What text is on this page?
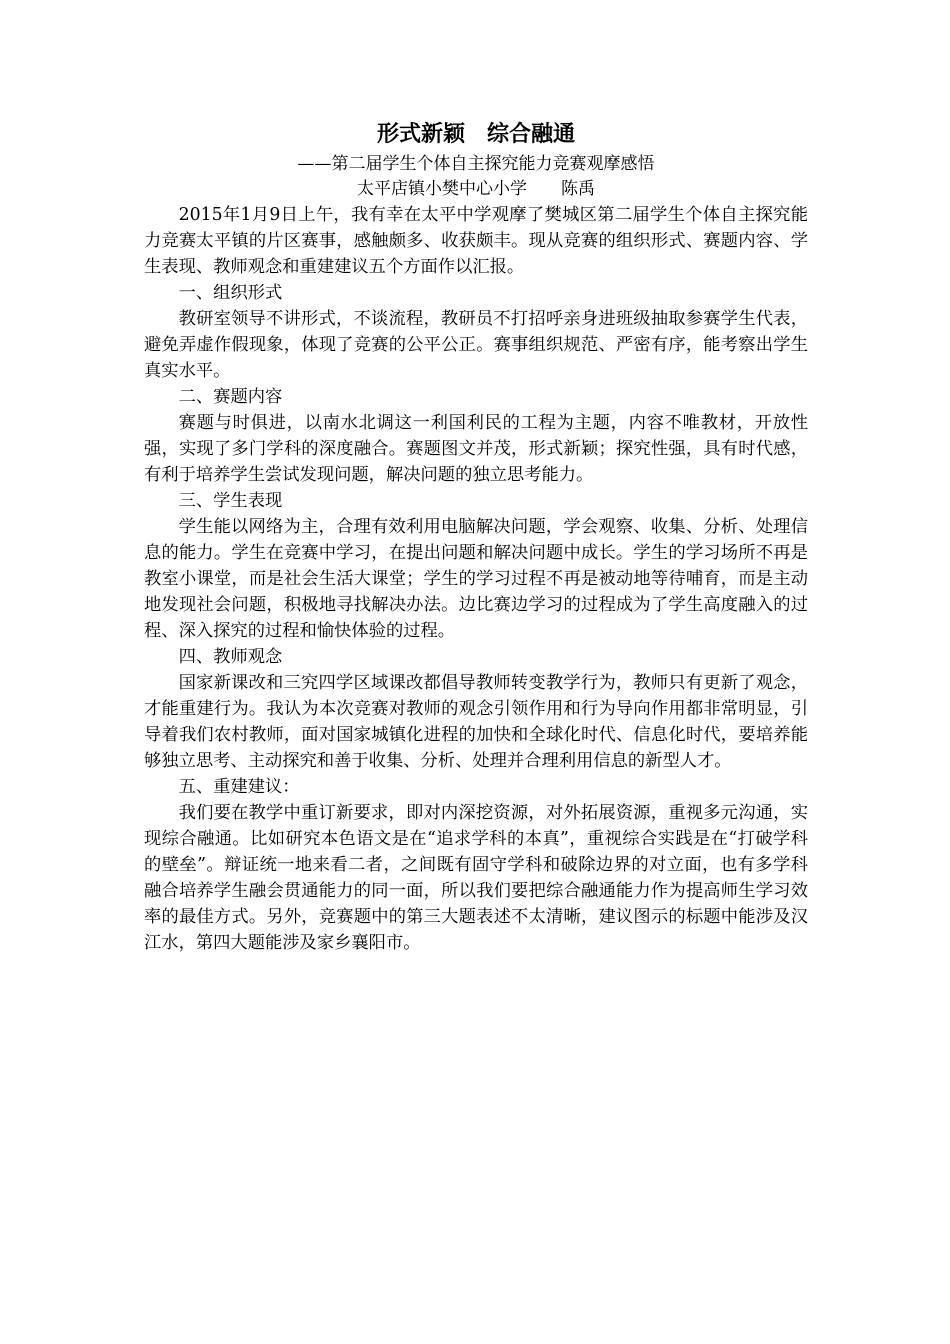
形式新颖 综合融通

——第二届学生个体自主探究能力竞赛观摩感悟

太平店镇小樊中心小学 陈禹

2015年1月9日上午，我有幸在太平中学观摩了樊城区第二届学生个体自主探究能力竞赛太平镇的片区赛事，感触颇多、收获颇丰。现从竞赛的组织形式、赛题内容、学生表现、教师观念和重建建议五个方面作以汇报。

一、组织形式

教研室领导不讲形式，不谈流程，教研员不打招呼亲身进班级抽取参赛学生代表，避免弄虚作假现象，体现了竞赛的公平公正。赛事组织规范、严密有序，能考察出学生真实水平。

二、赛题内容

赛题与时俱进，以南水北调这一利国利民的工程为主题，内容不唯教材，开放性强，实现了多门学科的深度融合。赛题图文并茂，形式新颖；探究性强，具有时代感，有利于培养学生尝试发现问题，解决问题的独立思考能力。

三、学生表现

学生能以网络为主，合理有效利用电脑解决问题，学会观察、收集、分析、处理信息的能力。学生在竞赛中学习，在提出问题和解决问题中成长。学生的学习场所不再是教室小课堂，而是社会生活大课堂；学生的学习过程不再是被动地等待哺育，而是主动地发现社会问题，积极地寻找解决办法。边比赛边学习的过程成为了学生高度融入的过程、深入探究的过程和愉快体验的过程。

四、教师观念

国家新课改和三究四学区域课改都倡导教师转变教学行为，教师只有更新了观念，才能重建行为。我认为本次竞赛对教师的观念引领作用和行为导向作用都非常明显，引导着我们农村教师，面对国家城镇化进程的加快和全球化时代、信息化时代，要培养能够独立思考、主动探究和善于收集、分析、处理并合理利用信息的新型人才。

五、重建建议：

我们要在教学中重订新要求，即对内深挖资源，对外拓展资源，重视多元沟通，实现综合融通。比如研究本色语文是在“追求学科的本真”，重视综合实践是在“打破学科的壁垒”。辩证统一地来看二者，之间既有固守学科和破除边界的对立面，也有多学科融合培养学生融会贯通能力的同一面，所以我们要把综合融通能力作为提高师生学习效率的最佳方式。另外，竞赛题中的第三大题表述不太清晰，建议图示的标题中能涉及汉江水，第四大题能涉及家乡襄阳市。
